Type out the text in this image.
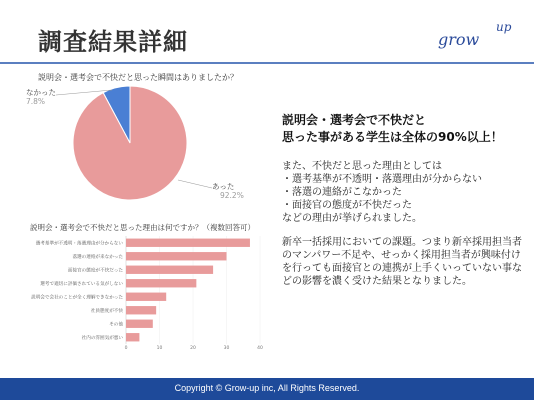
調査結果詳細	grow
up
説明会・選考会で不快だと思った瞬間はありましたか？
なかった
7.8%
あった
92.2%
説明会・選考会で不快だと思った理由は何ですか？（複数回答可）
0	10	20	30	40
選考基準が不透明・落選理由が分からない
落選の連絡が来なかった
面接官の態度が不快だった
選考で適切に評価されている気がしない
説明会で会社のことが全く理解できなかった
社員態度が不快
その他
社内の雰囲気が悪い
説明会・選考会で不快だと
思った事がある学生は全体の90%以上！
また、不快だと思った理由としては
・選考基準が不透明・落選理由が分からない
・落選の連絡がこなかった
・面接官の態度が不快だった
などの理由が挙げられました。
新卒一括採用においての課題。つまり新卒採用担当者のマンパワー不足や、せっかく採用担当者が興味付けを行っても面接官との連携が上手くいっていない事などの影響を濃く受けた結果となりました。
Copyright © Grow-up inc, All Rights Reserved.
